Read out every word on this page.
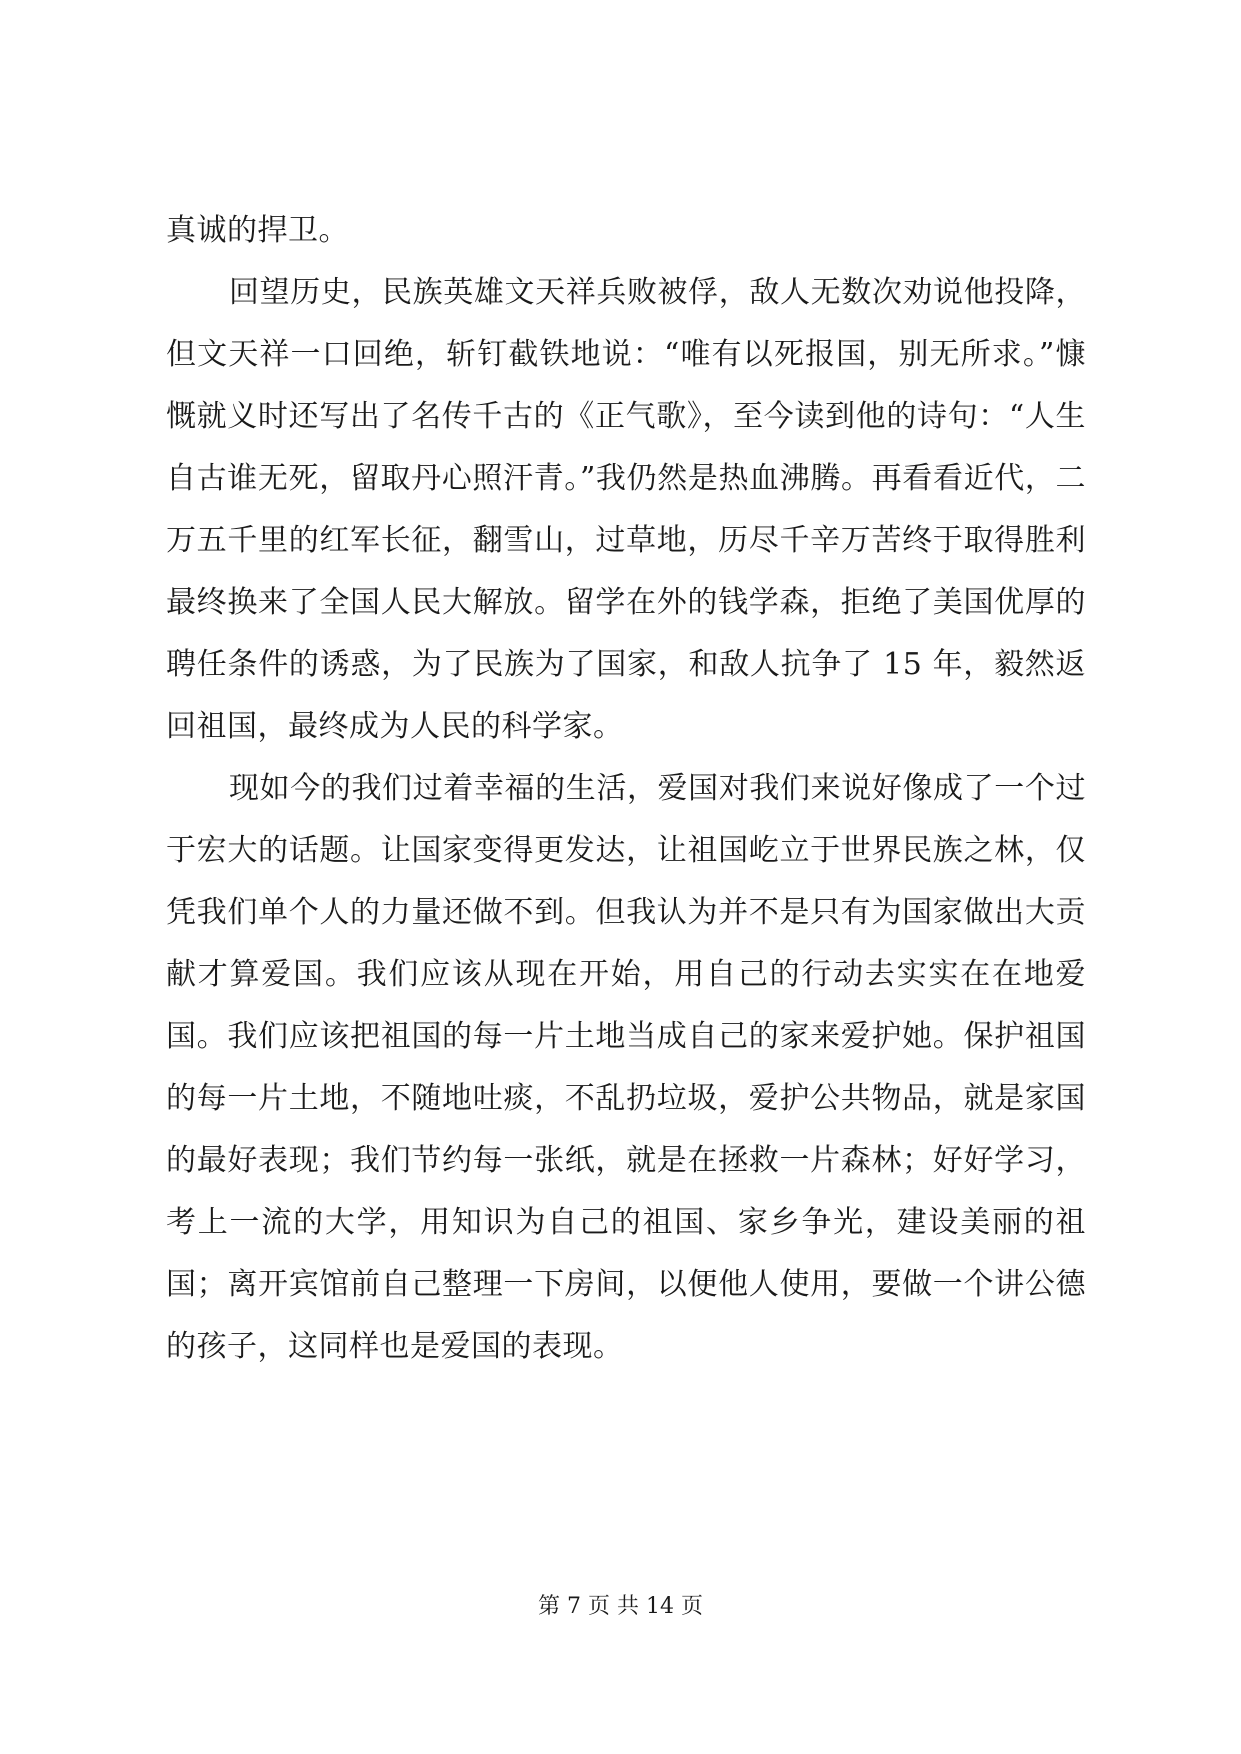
真诚的捍卫。

回望历史，民族英雄文天祥兵败被俘，敌人无数次劝说他投降，但文天祥一口回绝，斩钉截铁地说：“唯有以死报国，别无所求。”慷慨就义时还写出了名传千古的《正气歌》，至今读到他的诗句：“人生自古谁无死，留取丹心照汗青。”我仍然是热血沸腾。再看看近代，二万五千里的红军长征，翻雪山，过草地，历尽千辛万苦终于取得胜利最终换来了全国人民大解放。留学在外的钱学森，拒绝了美国优厚的聘任条件的诱惑，为了民族为了国家，和敌人抗争了 15 年，毅然返回祖国，最终成为人民的科学家。

现如今的我们过着幸福的生活，爱国对我们来说好像成了一个过于宏大的话题。让国家变得更发达，让祖国屹立于世界民族之林，仅凭我们单个人的力量还做不到。但我认为并不是只有为国家做出大贡献才算爱国。我们应该从现在开始，用自己的行动去实实在在地爱国。我们应该把祖国的每一片土地当成自己的家来爱护她。保护祖国的每一片土地，不随地吐痰，不乱扔垃圾，爱护公共物品，就是家国的最好表现；我们节约每一张纸，就是在拯救一片森林；好好学习，考上一流的大学，用知识为自己的祖国、家乡争光，建设美丽的祖国；离开宾馆前自己整理一下房间，以便他人使用，要做一个讲公德的孩子，这同样也是爱国的表现。

第 7 页 共 14 页
